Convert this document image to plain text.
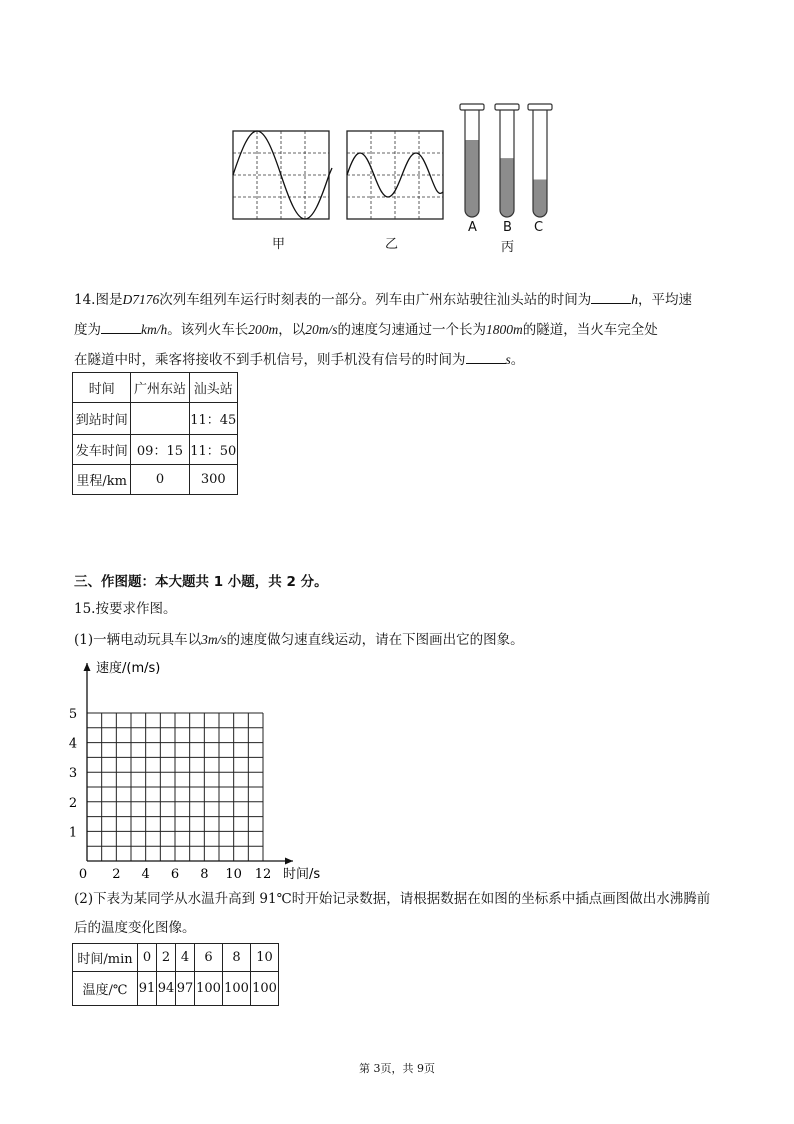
甲	乙
A B C
丙
14.图是D7176次列车组列车运行时刻表的一部分。列车由广州东站驶往汕头站的时间为	h，平均速
度为	km/h。该列火车长200m，以20m/s的速度匀速通过一个长为1800m的隧道，当火车完全处
在隧道中时，乘客将接收不到手机信号，则手机没有信号的时间为	s。
时间	广州东站	汕头站
到站时间		11：45
发车时间	09：15	11：50
里程/km	0	300
三、作图题：本大题共 1 小题，共 2 分。
15.按要求作图。
(1)一辆电动玩具车以3m/s的速度做匀速直线运动，请在下图画出它的图象。
1
2
3
4
5
0 2 4 6 8 10 12
速度/(m/s)
时间/s
(2)下表为某同学从水温升高到 91℃时开始记录数据，请根据数据在如图的坐标系中插点画图做出水沸腾前
后的温度变化图像。
时间/min	0	2	4	6	8	10
温度/℃	91	94	97	100	100	100
第 3页，共 9页
